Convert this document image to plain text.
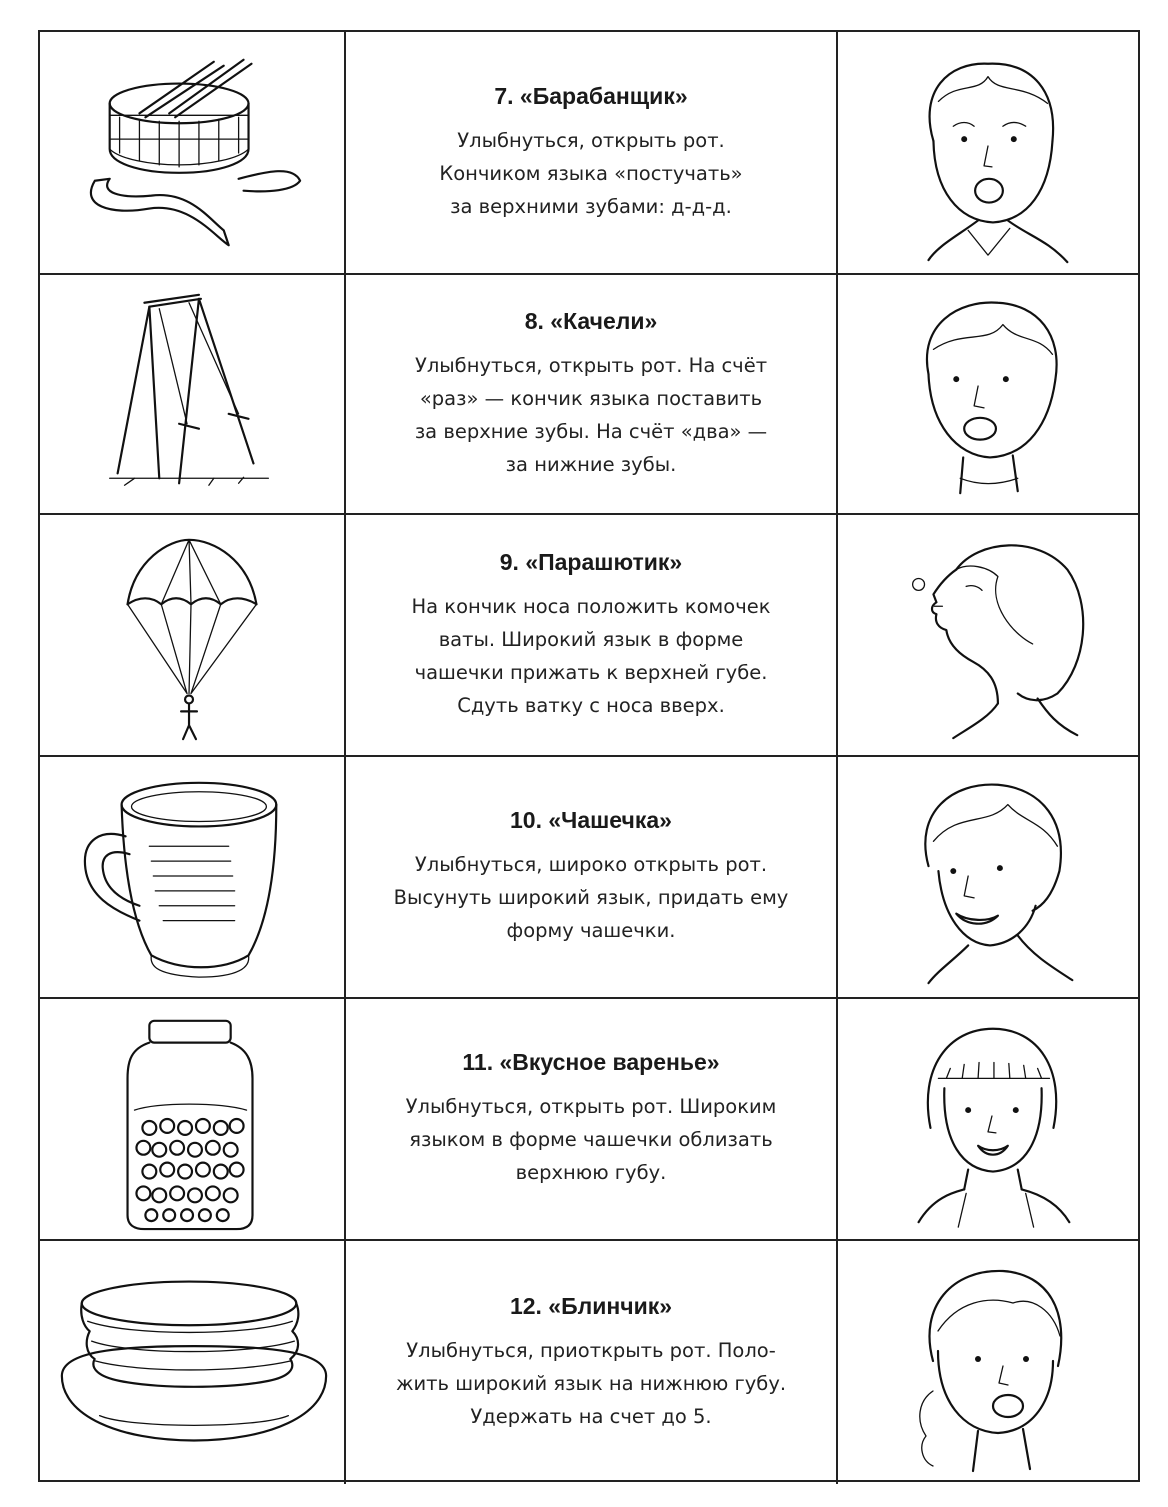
7. «Барабанщик»
Улыбнуться, открыть рот.
Кончиком языка «постучать»
за верхними зубами: д-д-д.
8. «Качели»
Улыбнуться, открыть рот. На счёт
«раз» — кончик языка поставить
за верхние зубы. На счёт «два» —
за нижние зубы.
9. «Парашютик»
На кончик носа положить комочек
ваты. Широкий язык в форме
чашечки прижать к верхней губе.
Сдуть ватку с носа вверх.
10. «Чашечка»
Улыбнуться, широко открыть рот.
Высунуть широкий язык, придать ему
форму чашечки.
11. «Вкусное варенье»
Улыбнуться, открыть рот. Широким
языком в форме чашечки облизать
верхнюю губу.
12. «Блинчик»
Улыбнуться, приоткрыть рот. Поло-
жить широкий язык на нижнюю губу.
Удержать на счет до 5.
